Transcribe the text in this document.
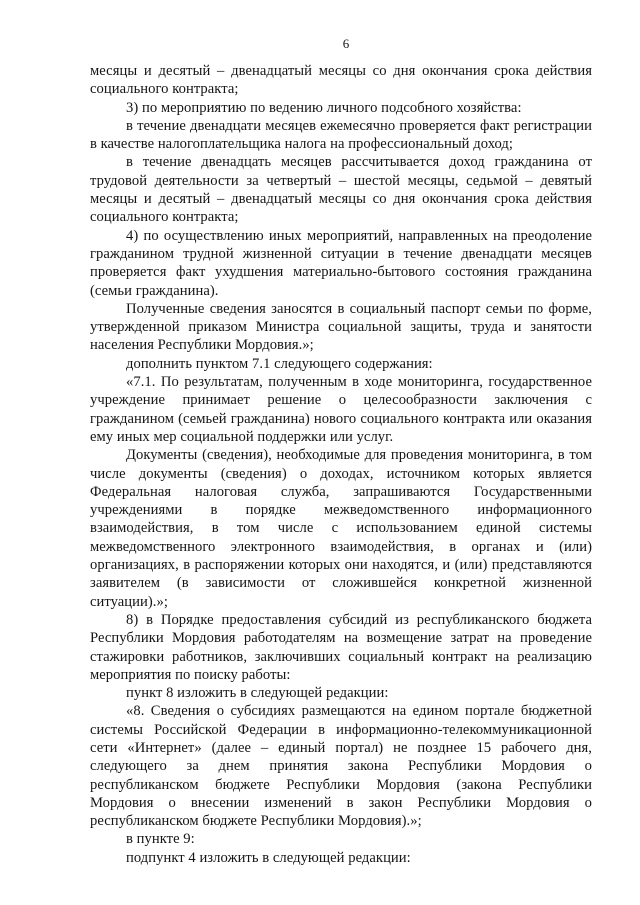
6

месяцы и десятый – двенадцатый месяцы со дня окончания срока действия социального контракта;

3) по мероприятию по ведению личного подсобного хозяйства:

в течение двенадцати месяцев ежемесячно проверяется факт регистрации в качестве налогоплательщика налога на профессиональный доход;

в течение двенадцать месяцев рассчитывается доход гражданина от трудовой деятельности за четвертый – шестой месяцы, седьмой – девятый месяцы и десятый – двенадцатый месяцы со дня окончания срока действия социального контракта;

4) по осуществлению иных мероприятий, направленных на преодоление гражданином трудной жизненной ситуации в течение двенадцати месяцев проверяется факт ухудшения материально-бытового состояния гражданина (семьи гражданина).

Полученные сведения заносятся в социальный паспорт семьи по форме, утвержденной приказом Министра социальной защиты, труда и занятости населения Республики Мордовия.»;

дополнить пунктом 7.1 следующего содержания:

«7.1. По результатам, полученным в ходе мониторинга, государственное учреждение принимает решение о целесообразности заключения с гражданином (семьей гражданина) нового социального контракта или оказания ему иных мер социальной поддержки или услуг.

Документы (сведения), необходимые для проведения мониторинга, в том числе документы (сведения) о доходах, источником которых является Федеральная налоговая служба, запрашиваются Государственными учреждениями в порядке межведомственного информационного взаимодействия, в том числе с использованием единой системы межведомственного электронного взаимодействия, в органах и (или) организациях, в распоряжении которых они находятся, и (или) представляются заявителем (в зависимости от сложившейся конкретной жизненной ситуации).»;

8) в Порядке предоставления субсидий из республиканского бюджета Республики Мордовия работодателям на возмещение затрат на проведение стажировки работников, заключивших социальный контракт на реализацию мероприятия по поиску работы:

пункт 8 изложить в следующей редакции:

«8. Сведения о субсидиях размещаются на едином портале бюджетной системы Российской Федерации в информационно-телекоммуникационной сети «Интернет» (далее – единый портал) не позднее 15 рабочего дня, следующего за днем принятия закона Республики Мордовия о республиканском бюджете Республики Мордовия (закона Республики Мордовия о внесении изменений в закон Республики Мордовия о республиканском бюджете Республики Мордовия).»;

в пункте 9:

подпункт 4 изложить в следующей редакции:
